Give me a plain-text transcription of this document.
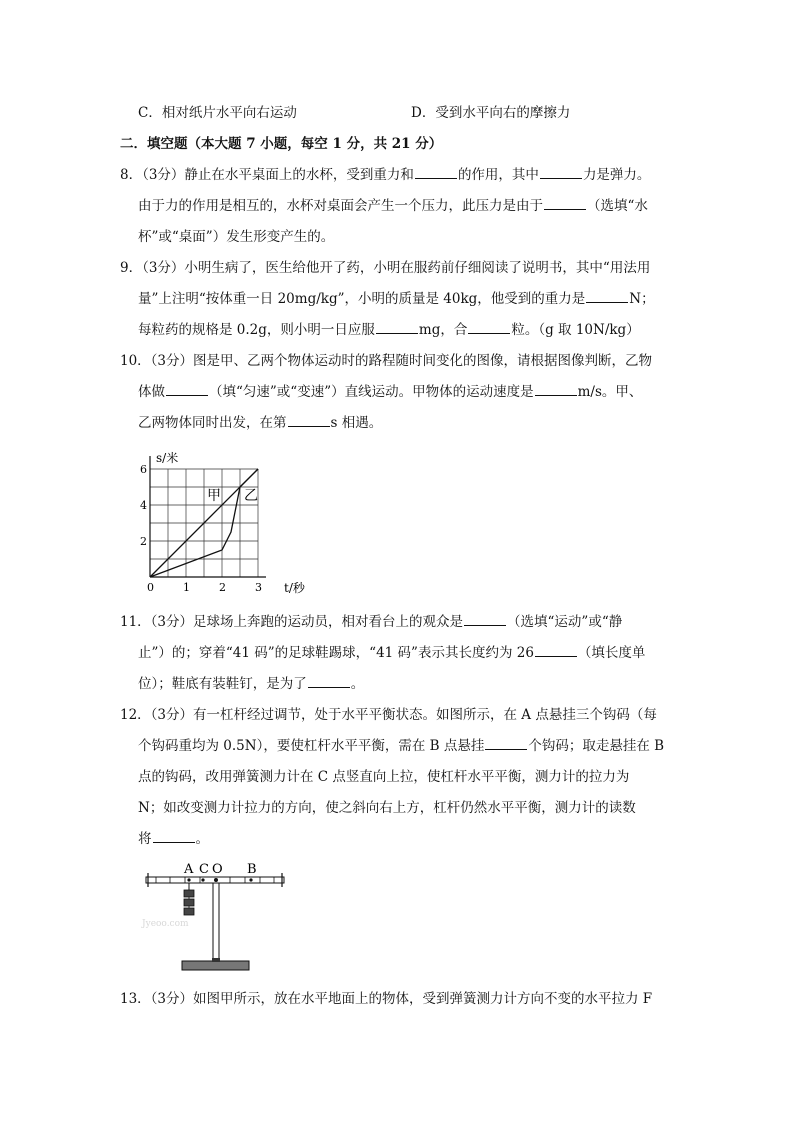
C．相对纸片水平向右运动	D．受到水平向右的摩擦力
二．填空题（本大题 7 小题，每空 1 分，共 21 分）
8．（3分）静止在水平桌面上的水杯，受到重力和	的作用，其中	力是弹力。
由于力的作用是相互的，水杯对桌面会产生一个压力，此压力是由于	（选填“水
杯”或“桌面”）发生形变产生的。
9．（3分）小明生病了，医生给他开了药，小明在服药前仔细阅读了说明书，其中“用法用
量”上注明“按体重一日 20mg/kg”，小明的质量是 40kg，他受到的重力是	N；
每粒药的规格是 0.2g，则小明一日应服	mg，合	粒。（g 取 10N/kg）
10．（3分）图是甲、乙两个物体运动时的路程随时间变化的图像，请根据图像判断，乙物
体做	（填“匀速”或“变速”）直线运动。甲物体的运动速度是	m/s。甲、
乙两物体同时出发，在第	s 相遇。
s/米
t/秒
0	1	2	3
2
4
6
甲 乙
11．（3分）足球场上奔跑的运动员，相对看台上的观众是	（选填“运动”或“静
止”）的；穿着“41 码”的足球鞋踢球，“41 码”表示其长度约为 26	（填长度单
位）；鞋底有装鞋钉，是为了	。
12．（3分）有一杠杆经过调节，处于水平平衡状态。如图所示，在 A 点悬挂三个钩码（每
个钩码重均为 0.5N），要使杠杆水平平衡，需在 B 点悬挂	个钩码；取走悬挂在 B
点的钩码，改用弹簧测力计在 C 点竖直向上拉，使杠杆水平平衡，测力计的拉力为
N；如改变测力计拉力的方向，使之斜向右上方，杠杆仍然水平平衡，测力计的读数
将	。
A C O B
Jyeoo.com
13．（3分）如图甲所示，放在水平地面上的物体，受到弹簧测力计方向不变的水平拉力 F
